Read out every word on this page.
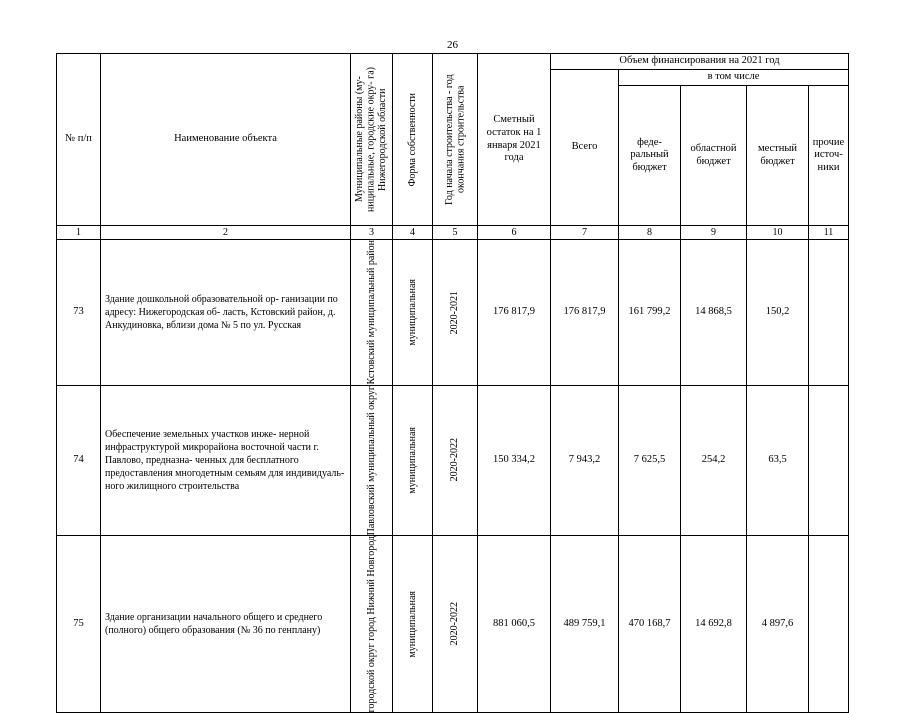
26
№ п/п	Наименование объекта	Муниципальные районы (му- ниципальные, городские окру- га) Нижегородской области	Форма собственности	Год начала строительства - год окончания строительства	Сметный остаток на 1 января 2021 года	Объем финансирования на 2021 год				
						Всего	в том числе			
							феде- ральный бюджет	областной бюджет	местный бюджет	прочие источ- ники
1	2	3	4	5	6	7	8	9	10	11
73	Здание дошкольной образовательной ор- ганизации по адресу: Нижегородская об- ласть, Кстовский район, д. Анкудиновка, вблизи дома № 5 по ул. Русская	Кстовский муниципальный район	муниципальная	2020-2021	176 817,9	176 817,9	161 799,2	14 868,5	150,2	
74	Обеспечение земельных участков инже- нерной инфраструктурой микрорайона восточной части г. Павлово, предназна- ченных для бесплатного предоставления многодетным семьям для индивидуаль- ного жилищного строительства	Павловский муниципальный округ	муниципальная	2020-2022	150 334,2	7 943,2	7 625,5	254,2	63,5	
75	Здание организации начального общего и среднего (полного) общего образования (№ 36 по генплану)	городской округ город Нижний Новгород	муниципальная	2020-2022	881 060,5	489 759,1	470 168,7	14 692,8	4 897,6	
